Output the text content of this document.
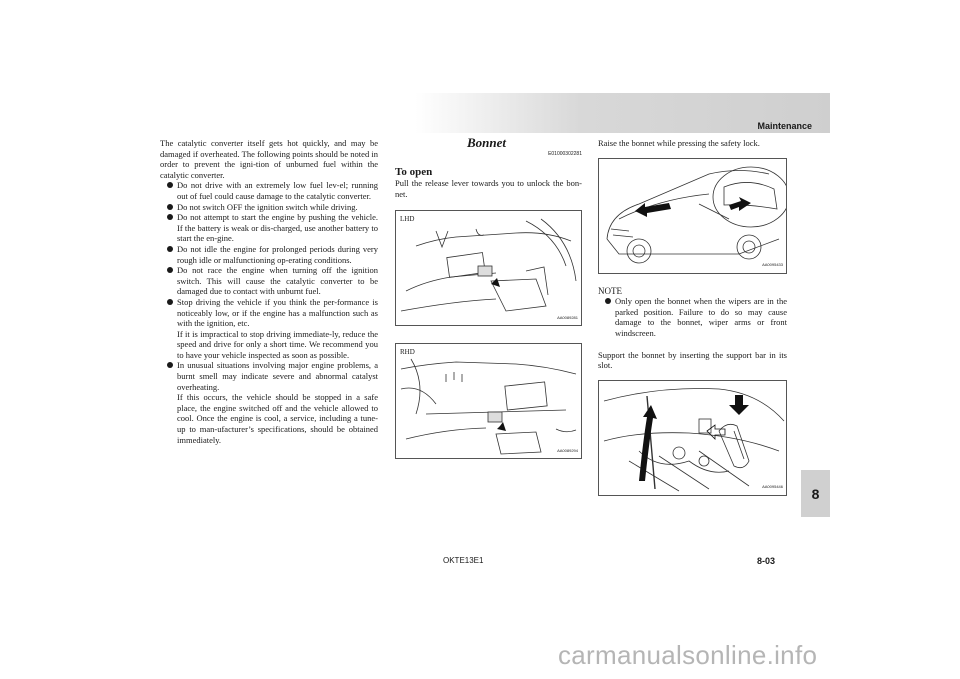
Maintenance
8

The catalytic converter itself gets hot quickly, and may be damaged if overheated. The following points should be noted in order to prevent the igni-tion of unburned fuel within the catalytic converter.

Do not drive with an extremely low fuel lev-el; running out of fuel could cause damage to the catalytic converter.
Do not switch OFF the ignition switch while driving.
Do not attempt to start the engine by pushing the vehicle. If the battery is weak or dis-charged, use another battery to start the en-gine.
Do not idle the engine for prolonged periods during very rough idle or malfunctioning op-erating conditions.
Do not race the engine when turning off the ignition switch. This will cause the catalytic converter to be damaged due to contact with unburnt fuel.
Stop driving the vehicle if you think the per-formance is noticeably low, or if the engine has a malfunction such as with the ignition, etc.
If it is impractical to stop driving immediate-ly, reduce the speed and drive for only a short time. We recommend you to have your vehicle inspected as soon as possible.
In unusual situations involving major engine problems, a burnt smell may indicate severe and abnormal catalyst overheating.
If this occurs, the vehicle should be stopped in a safe place, the engine switched off and the vehicle allowed to cool. Once the engine is cool, a service, including a tune-up to man-ufacturer’s specifications, should be obtained immediately.
Bonnet
E01000302281
To open

Pull the release lever towards you to unlock the bon-net.

LHD
AA0089281
RHD
AA0089294

Raise the bonnet while pressing the safety lock.

AA0095433
NOTE
Only open the bonnet when the wipers are in the parked position. Failure to do so may cause damage to the bonnet, wiper arms or front windscreen.

Support the bonnet by inserting the support bar in its slot.

AA0095446
OKTE13E1	8-03
carmanualsonline.info
